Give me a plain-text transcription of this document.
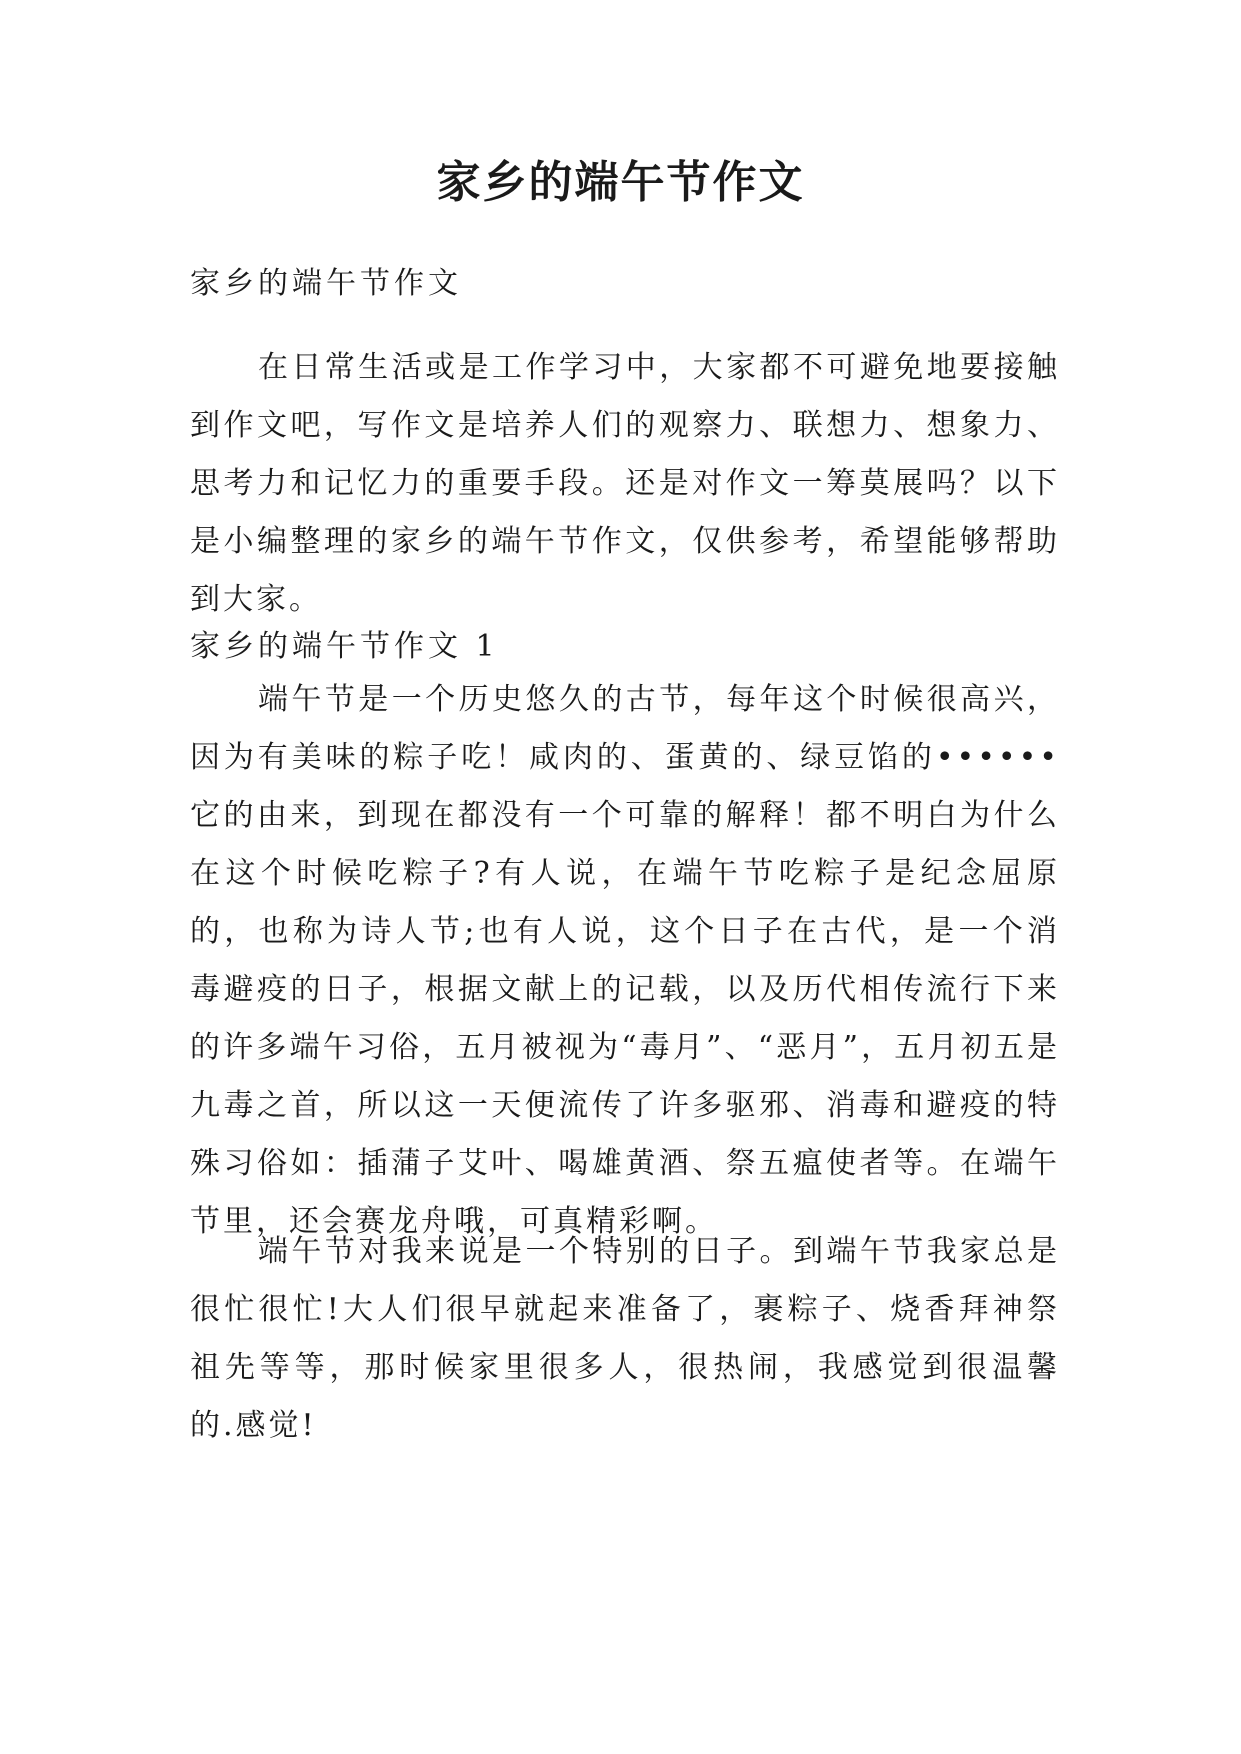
家乡的端午节作文
家乡的端午节作文

在日常生活或是工作学习中，大家都不可避免地要接触到作文吧，写作文是培养人们的观察力、联想力、想象力、思考力和记忆力的重要手段。还是对作文一筹莫展吗？以下是小编整理的家乡的端午节作文，仅供参考，希望能够帮助到大家。

家乡的端午节作文 1

端午节是一个历史悠久的古节，每年这个时候很高兴，因为有美味的粽子吃！咸肉的、蛋黄的、绿豆馅的••••••它的由来，到现在都没有一个可靠的解释！都不明白为什么在这个时候吃粽子?有人说，在端午节吃粽子是纪念屈原的，也称为诗人节;也有人说，这个日子在古代，是一个消毒避疫的日子，根据文献上的记载，以及历代相传流行下来的许多端午习俗，五月被视为“毒月”、“恶月”，五月初五是九毒之首，所以这一天便流传了许多驱邪、消毒和避疫的特殊习俗如：插蒲子艾叶、喝雄黄酒、祭五瘟使者等。在端午节里，还会赛龙舟哦，可真精彩啊。

端午节对我来说是一个特别的日子。到端午节我家总是很忙很忙!大人们很早就起来准备了，裹粽子、烧香拜神祭祖先等等，那时候家里很多人，很热闹，我感觉到很温馨的.感觉!
